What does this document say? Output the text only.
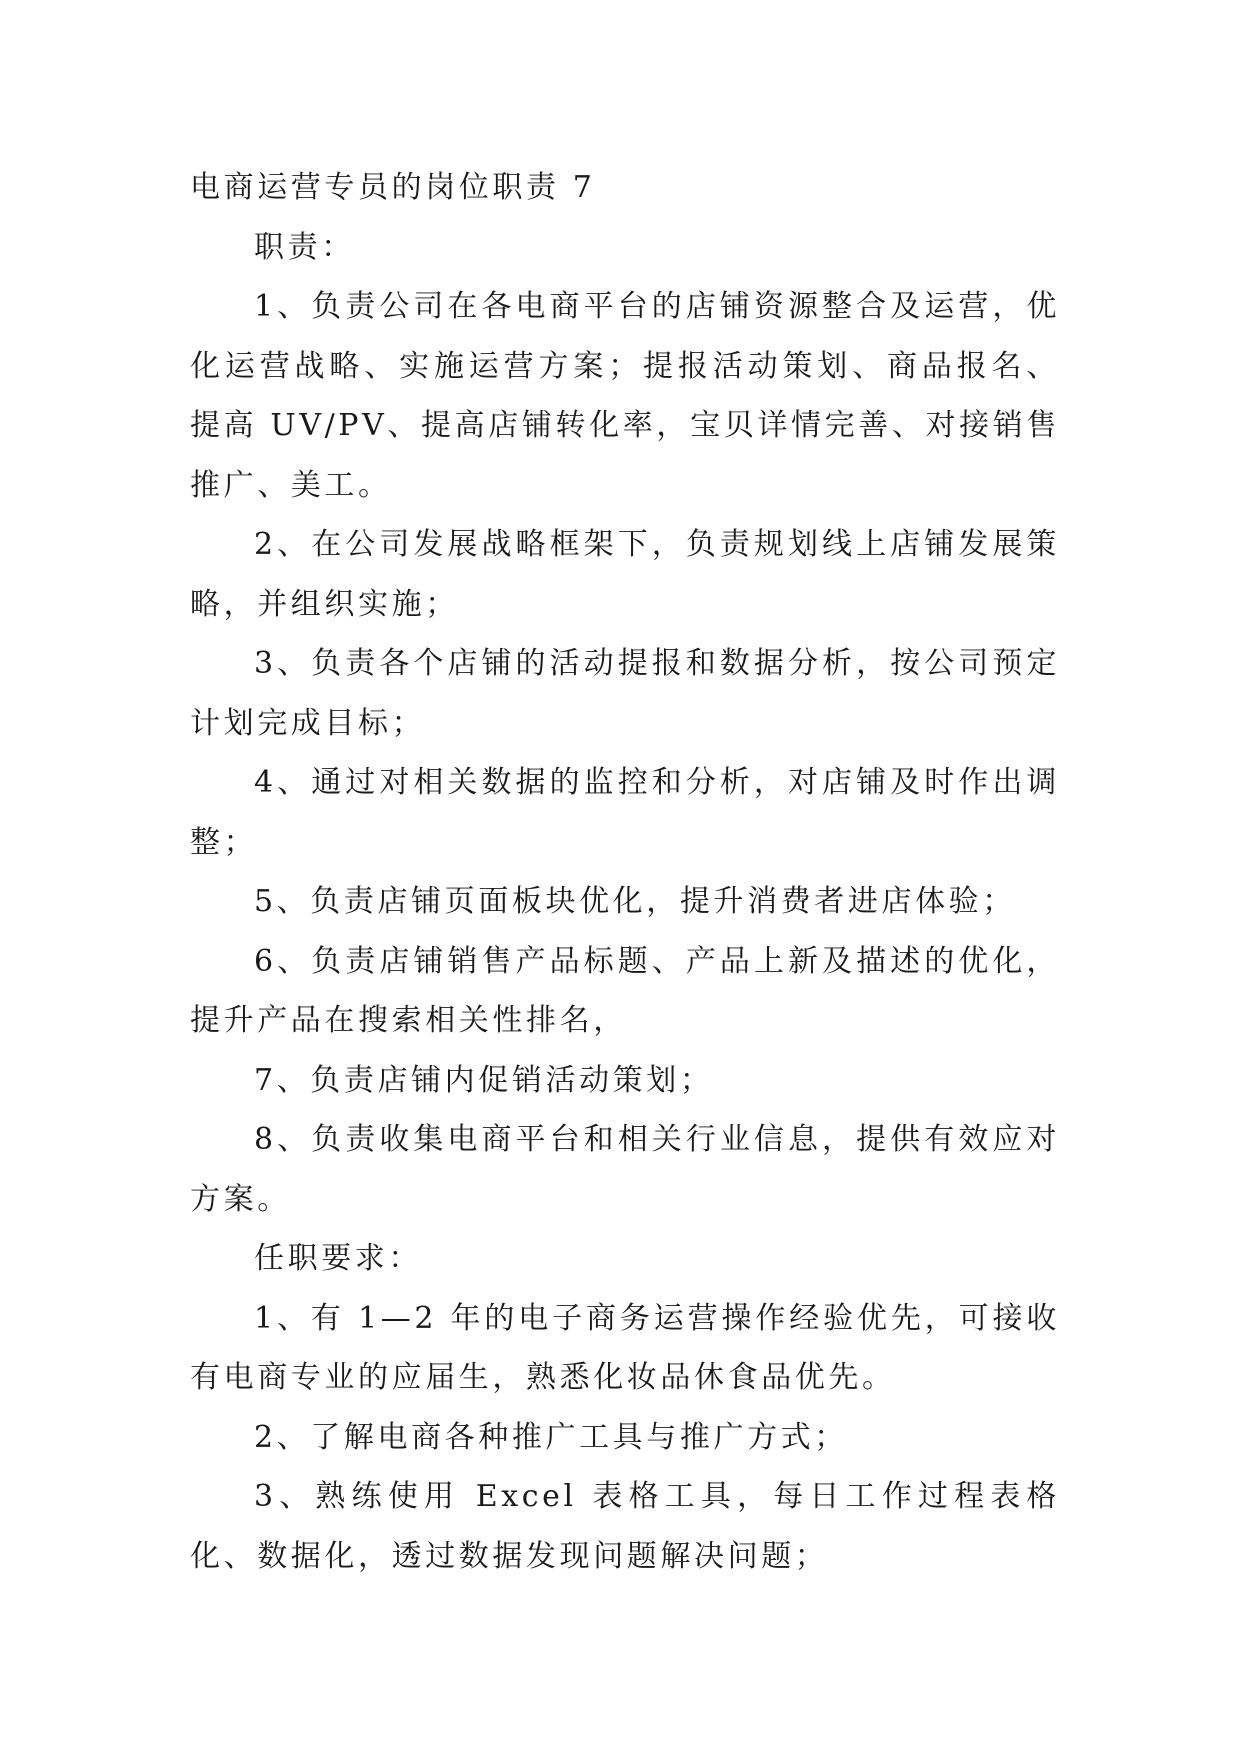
电商运营专员的岗位职责 7

职责：

1、负责公司在各电商平台的店铺资源整合及运营，优化运营战略、实施运营方案；提报活动策划、商品报名、提高 UV/PV、提高店铺转化率，宝贝详情完善、对接销售推广、美工。

2、在公司发展战略框架下，负责规划线上店铺发展策略，并组织实施；

3、负责各个店铺的活动提报和数据分析，按公司预定计划完成目标；

4、通过对相关数据的监控和分析，对店铺及时作出调整；

5、负责店铺页面板块优化，提升消费者进店体验；

6、负责店铺销售产品标题、产品上新及描述的优化，提升产品在搜索相关性排名，

7、负责店铺内促销活动策划；

8、负责收集电商平台和相关行业信息，提供有效应对方案。

任职要求：

1、有 1—2 年的电子商务运营操作经验优先，可接收有电商专业的应届生，熟悉化妆品休食品优先。

2、了解电商各种推广工具与推广方式；

3、熟练使用 Excel 表格工具，每日工作过程表格化、数据化，透过数据发现问题解决问题；
